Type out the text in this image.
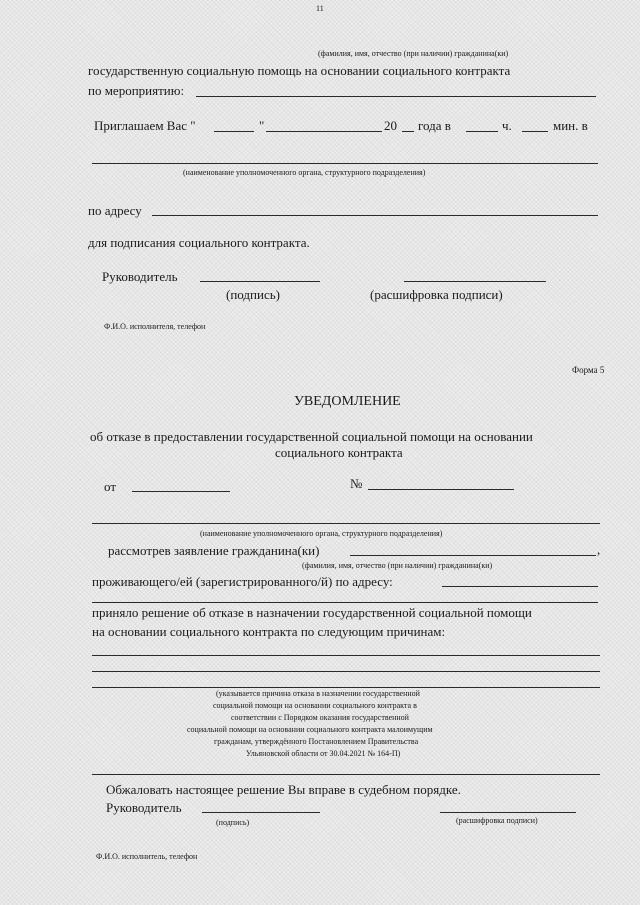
11
(фамилия, имя, отчество (при наличии) гражданина(ки)
государственную социальную помощь на основании социального контракта
по мероприятию:
Приглашаем Вас "	"	20 года в	ч.	мин. в
(наименование уполномоченного органа, структурного подразделения)
по адресу
для подписания социального контракта.
Руководитель
(подпись)	(расшифровка подписи)
Ф.И.О. исполнителя, телефон
Форма 5
УВЕДОМЛЕНИЕ
об отказе в предоставлении государственной социальной помощи на основании
социального контракта
от	№
(наименование уполномоченного органа, структурного подразделения)
рассмотрев заявление гражданина(ки)	,
(фамилия, имя, отчество (при наличии) гражданина(ки)
проживающего/ей (зарегистрированного/й) по адресу:
приняло решение об отказе в назначении государственной социальной помощи
на основании социального контракта по следующим причинам:
(указывается причина отказа в назначении государственной
социальной помощи на основании социального контракта в
соответствии с Порядком оказания государственной
социальной помощи на основании социального контракта малоимущим
гражданам, утверждённого Постановлением Правительства
Ульяновской области от 30.04.2021 № 164-П)
Обжаловать настоящее решение Вы вправе в судебном порядке.
Руководитель
(подпись)	(расшифровка подписи)
Ф.И.О. исполнитель, телефон
